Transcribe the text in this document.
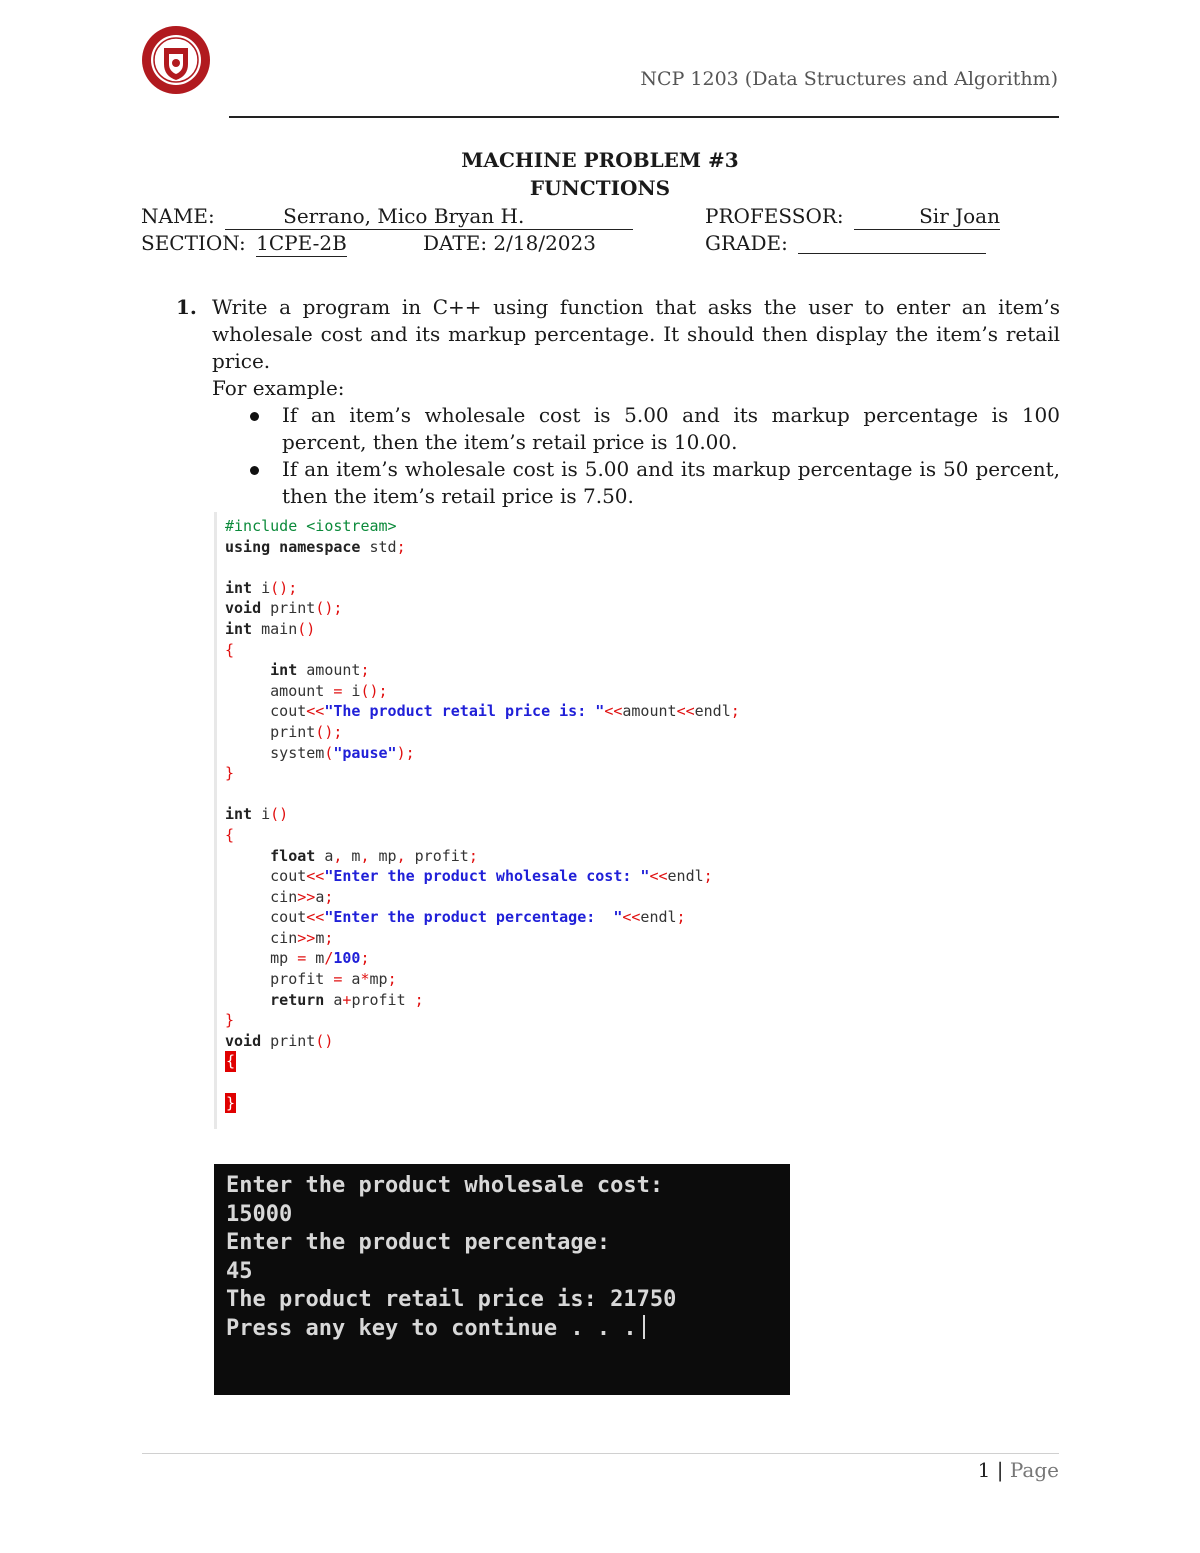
NCP 1203 (Data Structures and Algorithm)
MACHINE PROBLEM #3
FUNCTIONS
NAME:	Serrano, Mico Bryan H.	PROFESSOR:	Sir Joan
SECTION: 1CPE-2B	DATE: 2/18/2023	GRADE:
1. Write a program in C++ using function that asks the user to enter an item’s wholesale cost and its markup percentage. It should then display the item’s retail price.
For example:
If an item’s wholesale cost is 5.00 and its markup percentage is 100 percent, then the item’s retail price is 10.00.
If an item’s wholesale cost is 5.00 and its markup percentage is 50 percent, then the item’s retail price is 7.50.
#include <iostream>
using namespace std;

int i();
void print();
int main()
{
int amount;
amount = i();
cout<<"The product retail price is: "<<amount<<endl;
print();
system("pause");
}

int i()
{
float a, m, mp, profit;
cout<<"Enter the product wholesale cost: "<<endl;
cin>>a;
cout<<"Enter the product percentage:  "<<endl;
cin>>m;
mp = m/100;
profit = a*mp;
return a+profit ;
}
void print()
{

}
Enter the product wholesale cost:
15000
Enter the product percentage:
45
The product retail price is: 21750
Press any key to continue . . .
1 | Page
